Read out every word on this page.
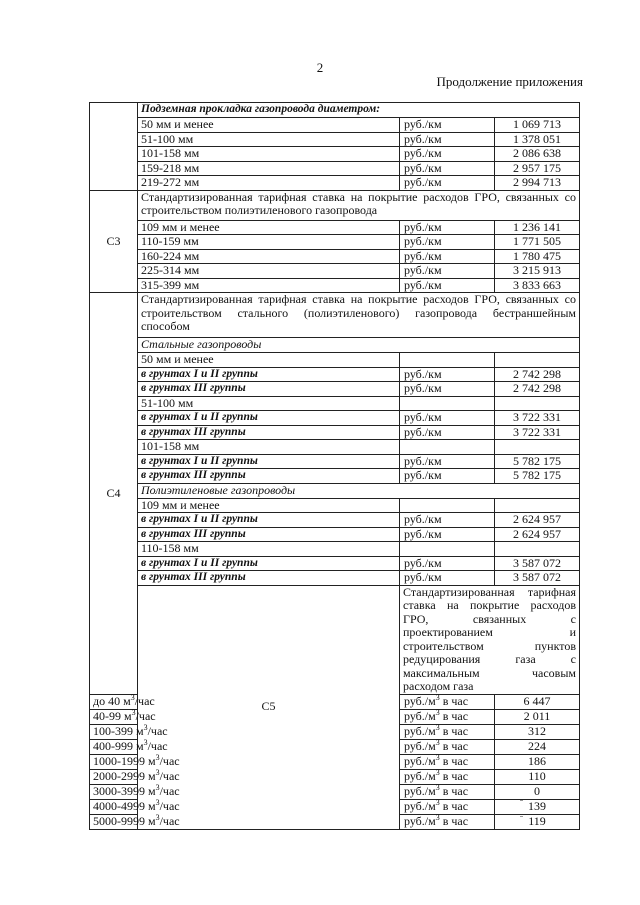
2
Продолжение приложения
	Подземная прокладка газопровода диаметром:		
	50 мм и менее	руб./км	1 069 713
	51-100 мм	руб./км	1 378 051
	101-158 мм	руб./км	2 086 638
	159-218 мм	руб./км	2 957 175
	219-272 мм	руб./км	2 994 713
С3	Стандартизированная тарифная ставка на покрытие расходов ГРО, связанных со строительством полиэтиленового газопровода		
	109 мм и менее	руб./км	1 236 141
	110-159 мм	руб./км	1 771 505
	160-224 мм	руб./км	1 780 475
	225-314 мм	руб./км	3 215 913
	315-399 мм	руб./км	3 833 663
С4	Стандартизированная тарифная ставка на покрытие расходов ГРО, связанных со строительством стального (полиэтиленового) газопровода бестраншейным способом		
	Стальные газопроводы		
	50 мм и менее		
	в грунтах I и II группы	руб./км	2 742 298
	в грунтах III группы	руб./км	2 742 298
	51-100 мм		
	в грунтах I и II группы	руб./км	3 722 331
	в грунтах III группы	руб./км	3 722 331
	101-158 мм		
	в грунтах I и II группы	руб./км	5 782 175
	в грунтах III группы	руб./км	5 782 175
	Полиэтиленовые газопроводы		
	109 мм и менее		
	в грунтах I и II группы	руб./км	2 624 957
	в грунтах III группы	руб./км	2 624 957
	110-158 мм		
	в грунтах I и II группы	руб./км	3 587 072
	в грунтах III группы	руб./км	3 587 072
	С5	Стандартизированная тарифная ставка на покрытие расходов ГРО, связанных с проектированием и строительством пунктов редуцирования газа с максимальным часовым расходом газа	
до 40 $м^3$/час		$руб./м^3$ в час	6 447
40-99 $м^3$/час		$руб./м^3$ в час	2 011
100-399 $м^3$/час		$руб./м^3$ в час	312
400-999 $м^3$/час		$руб./м^3$ в час	224
1000-1999 $м^3$/час		$руб./м^3$ в час	186
2000-2999 $м^3$/час		$руб./м^3$ в час	110
3000-3999 $м^3$/час		$руб./м^3$ в час	0
4000-4999 $м^3$/час		$руб./м^3$ в час	139
5000-9999 $м^3$/час		$руб./м^3$ в час	119
